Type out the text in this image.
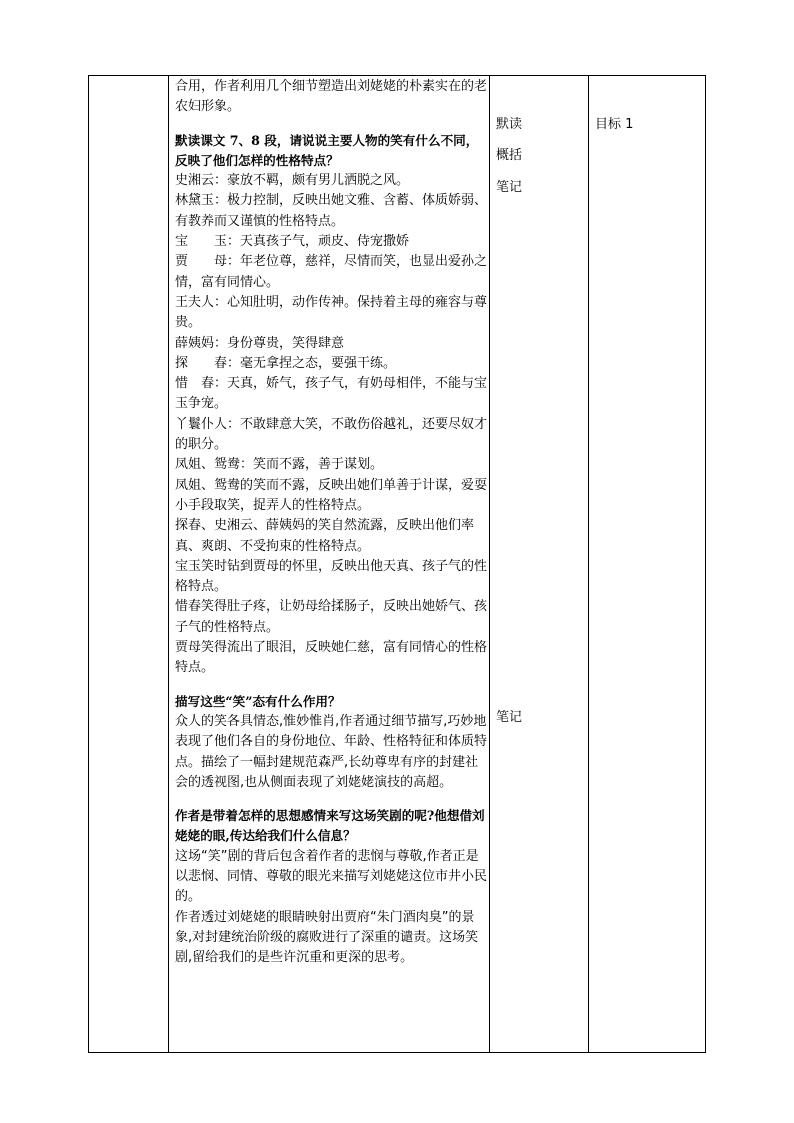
合用，作者利用几个细节塑造出刘姥姥的朴素实在的老农妇形象。

默读课文 7、8 段，请说说主要人物的笑有什么不同，反映了他们怎样的性格特点？

史湘云：豪放不羁，颇有男儿洒脱之风。

林黛玉：极力控制，反映出她文雅、含蓄、体质娇弱、有教养而又谨慎的性格特点。

宝　　玉：天真孩子气，顽皮、侍宠撒娇

贾　　母：年老位尊，慈祥，尽情而笑，也显出爱孙之情，富有同情心。

王夫人：心知肚明，动作传神。保持着主母的雍容与尊贵。

薛姨妈：身份尊贵，笑得肆意

探　　春：毫无拿捏之态，要强干练。

惜　春：天真，娇气，孩子气，有奶母相伴，不能与宝玉争宠。

丫鬟仆人：不敢肆意大笑，不敢伤俗越礼，还要尽奴才的职分。

凤姐、鸳鸯：笑而不露，善于谋划。

凤姐、鸳鸯的笑而不露，反映出她们单善于计谋，爱耍小手段取笑，捉弄人的性格特点。

探春、史湘云、薛姨妈的笑自然流露，反映出他们率真、爽朗、不受拘束的性格特点。

宝玉笑时钻到贾母的怀里，反映出他天真、孩子气的性格特点。

惜春笑得肚子疼，让奶母给揉肠子，反映出她娇气、孩子气的性格特点。

贾母笑得流出了眼泪，反映她仁慈，富有同情心的性格特点。

描写这些“笑”态有什么作用？

众人的笑各具情态,惟妙惟肖,作者通过细节描写,巧妙地表现了他们各自的身份地位、年龄、性格特征和体质特点。描绘了一幅封建规范森严,长幼尊卑有序的封建社会的透视图,也从侧面表现了刘姥姥演技的高超。

作者是带着怎样的思想感情来写这场笑剧的呢?他想借刘姥姥的眼,传达给我们什么信息？

这场“笑”剧的背后包含着作者的悲悯与尊敬,作者正是以悲悯、同情、尊敬的眼光来描写刘姥姥这位市井小民的。

作者透过刘姥姥的眼睛映射出贾府“朱门酒肉臭”的景象,对封建统治阶级的腐败进行了深重的谴责。这场笑剧,留给我们的是些许沉重和更深的思考。

默读
概括
笔记
笔记
目标 1
